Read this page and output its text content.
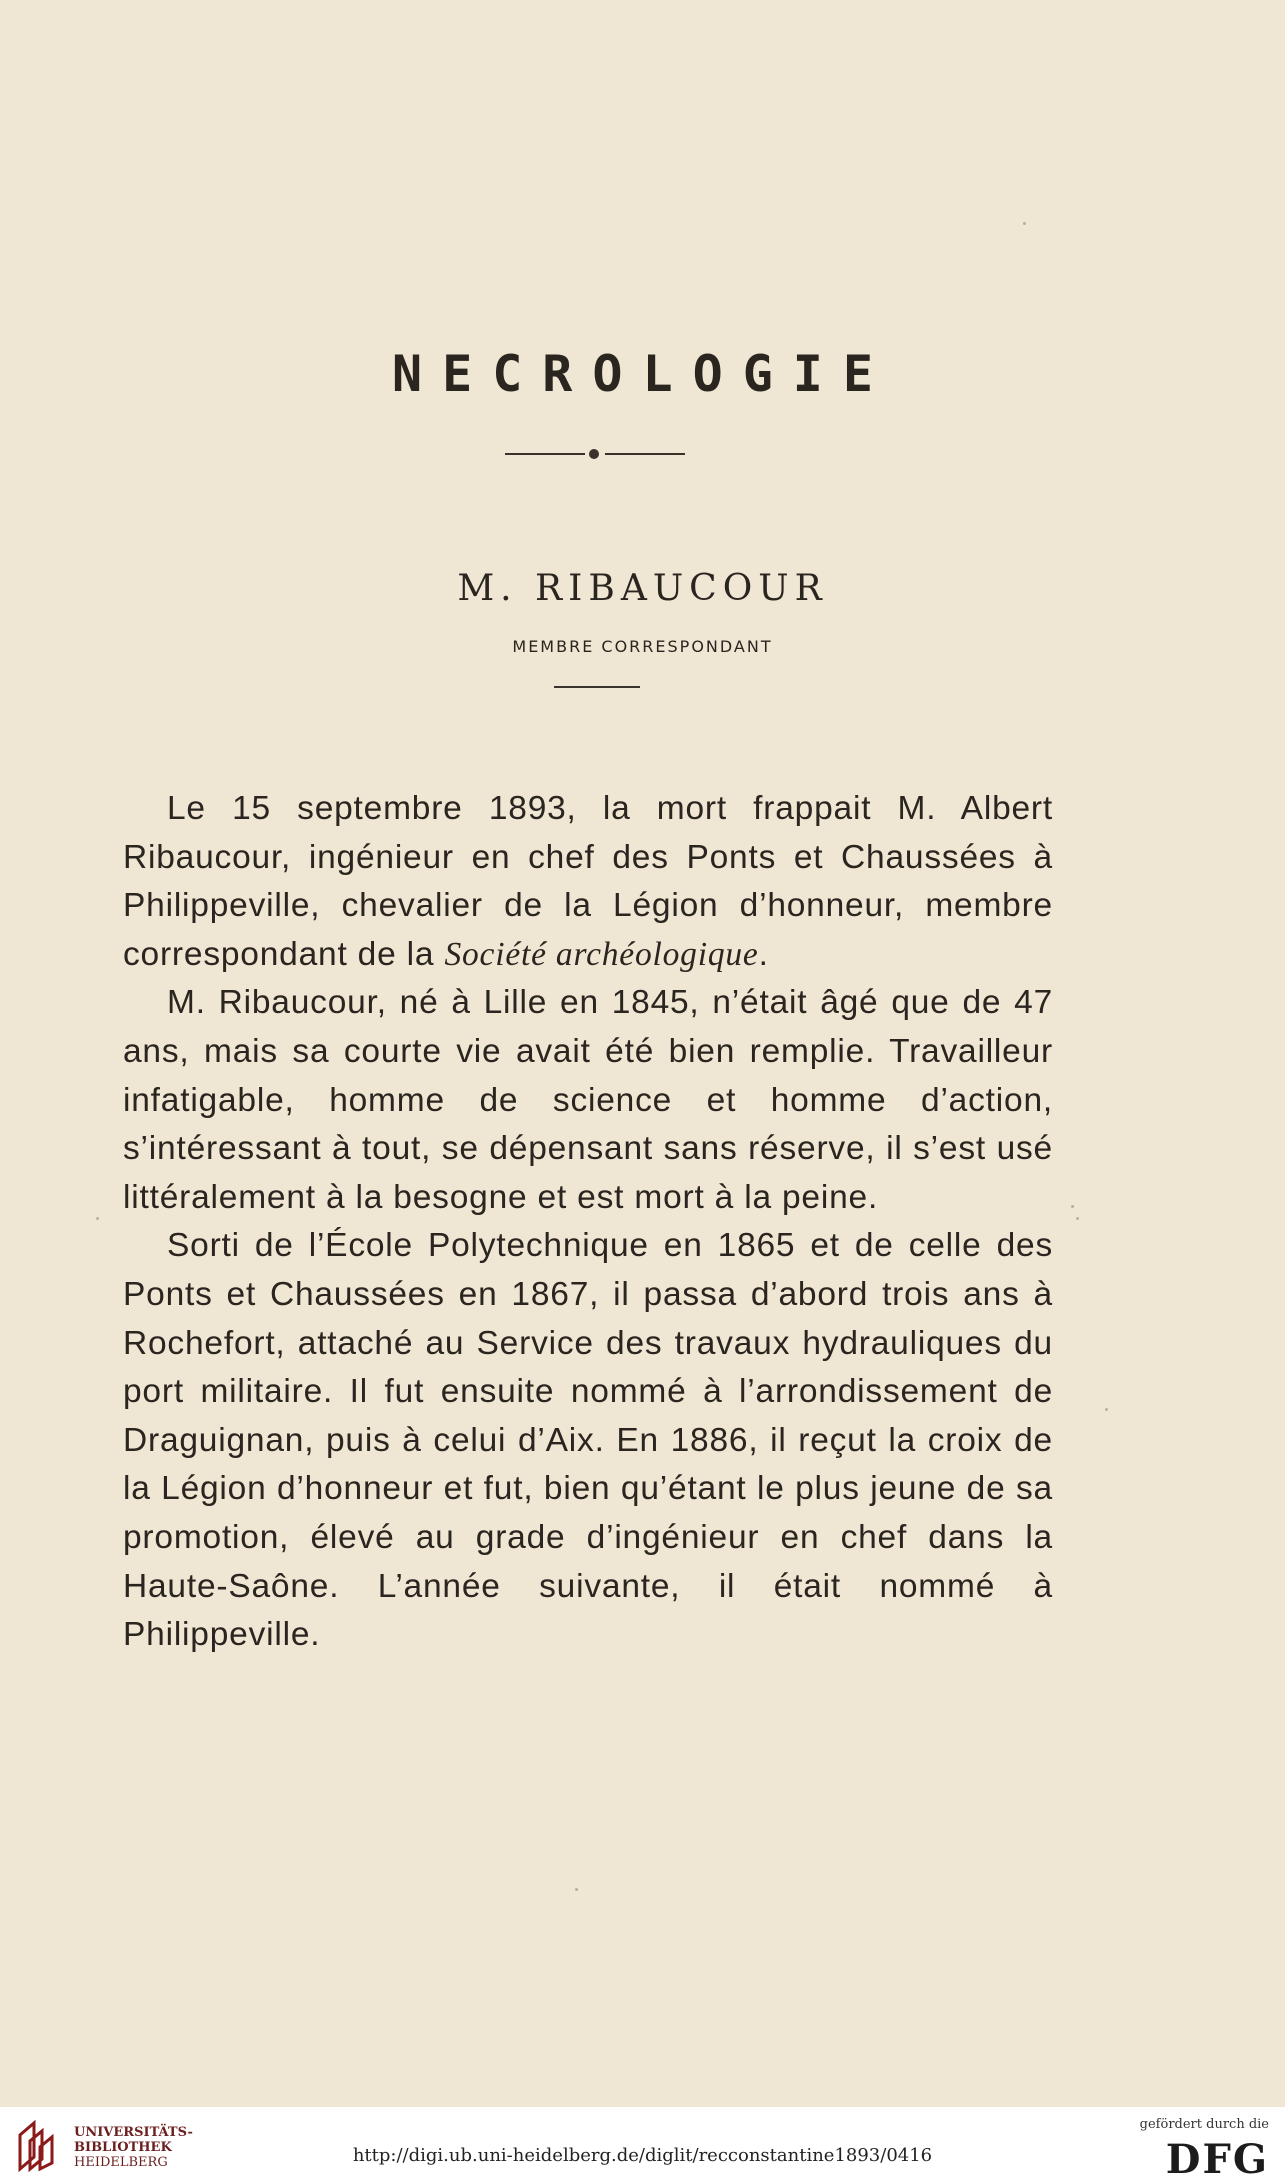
NECROLOGIE
M. RIBAUCOUR
MEMBRE CORRESPONDANT

Le 15 septembre 1893, la mort frappait M. Albert Ribaucour, ingénieur en chef des Ponts et Chaussées à Philippeville, chevalier de la Légion d’honneur, membre correspondant de la Société archéologique.

M. Ribaucour, né à Lille en 1845, n’était âgé que de 47 ans, mais sa courte vie avait été bien remplie. Travailleur infatigable, homme de science et homme d’action, s’intéressant à tout, se dépensant sans réserve, il s’est usé littéralement à la besogne et est mort à la peine.

Sorti de l’École Polytechnique en 1865 et de celle des Ponts et Chaussées en 1867, il passa d’abord trois ans à Rochefort, attaché au Service des travaux hydrauliques du port militaire. Il fut ensuite nommé à l’arrondissement de Draguignan, puis à celui d’Aix. En 1886, il reçut la croix de la Légion d’honneur et fut, bien qu’étant le plus jeune de sa promotion, élevé au grade d’ingénieur en chef dans la Haute-Saône. L’année suivante, il était nommé à Philippeville.

UNIVERSITÄTS-
BIBLIOTHEK
HEIDELBERG	http://digi.ub.uni-heidelberg.de/diglit/recconstantine1893/0416
gefördert durch die
DFG
